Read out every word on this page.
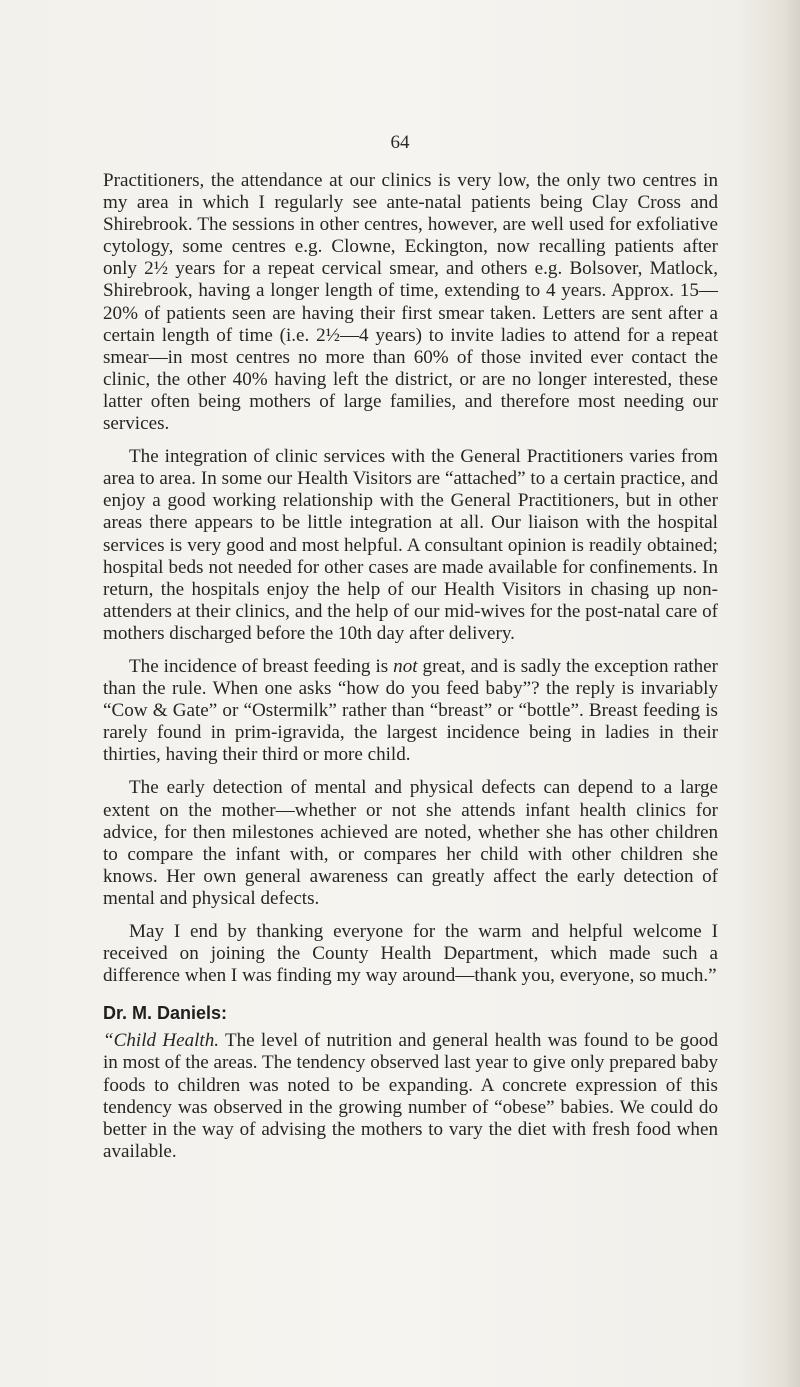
64

Practitioners, the attendance at our clinics is very low, the only two centres in my area in which I regularly see ante-natal patients being Clay Cross and Shirebrook. The sessions in other centres, however, are well used for exfoliative cytology, some centres e.g. Clowne, Eckington, now recalling patients after only 2½ years for a repeat cervical smear, and others e.g. Bolsover, Matlock, Shirebrook, having a longer length of time, extending to 4 years. Approx. 15—20% of patients seen are having their first smear taken. Letters are sent after a certain length of time (i.e. 2½—4 years) to invite ladies to attend for a repeat smear—in most centres no more than 60% of those invited ever contact the clinic, the other 40% having left the district, or are no longer interested, these latter often being mothers of large families, and therefore most needing our services.

The integration of clinic services with the General Practitioners varies from area to area. In some our Health Visitors are “attached” to a certain practice, and enjoy a good working relationship with the General Practitioners, but in other areas there appears to be little integration at all. Our liaison with the hospital services is very good and most helpful. A consultant opinion is readily obtained; hospital beds not needed for other cases are made available for confinements. In return, the hospitals enjoy the help of our Health Visitors in chasing up non-attenders at their clinics, and the help of our mid-wives for the post-natal care of mothers discharged before the 10th day after delivery.

The incidence of breast feeding is not great, and is sadly the exception rather than the rule. When one asks “how do you feed baby”? the reply is invariably “Cow & Gate” or “Ostermilk” rather than “breast” or “bottle”. Breast feeding is rarely found in prim-igravida, the largest incidence being in ladies in their thirties, having their third or more child.

The early detection of mental and physical defects can depend to a large extent on the mother—whether or not she attends infant health clinics for advice, for then milestones achieved are noted, whether she has other children to compare the infant with, or compares her child with other children she knows. Her own general awareness can greatly affect the early detection of mental and physical defects.

May I end by thanking everyone for the warm and helpful welcome I received on joining the County Health Department, which made such a difference when I was finding my way around—thank you, everyone, so much.”

Dr. M. Daniels:

“Child Health. The level of nutrition and general health was found to be good in most of the areas. The tendency observed last year to give only prepared baby foods to children was noted to be expanding. A concrete expression of this tendency was observed in the growing number of “obese” babies. We could do better in the way of advising the mothers to vary the diet with fresh food when available.
